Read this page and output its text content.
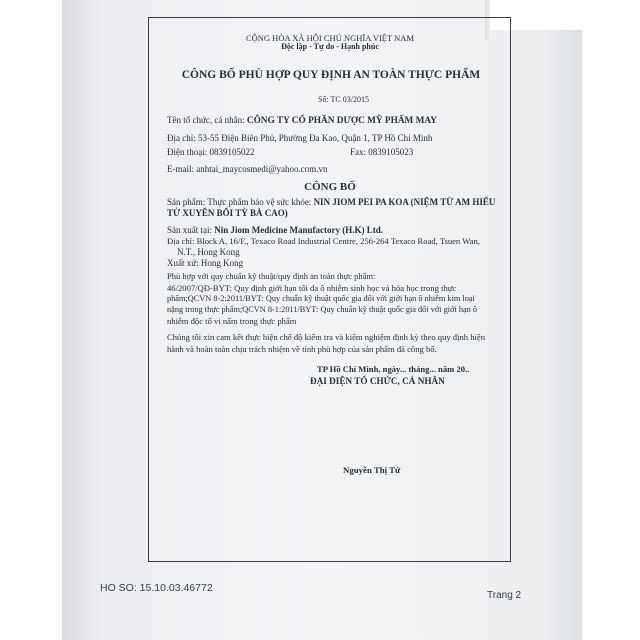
CỘNG HÒA XÃ HỘI CHỦ NGHĨA VIỆT NAM
Độc lập - Tự do - Hạnh phúc
CÔNG BỐ PHÙ HỢP QUY ĐỊNH AN TOÀN THỰC PHẨM
Số: TC 03/2015
Tên tổ chức, cá nhân: CÔNG TY CỔ PHẦN DƯỢC MỸ PHẨM MAY
Địa chỉ: 53-55 Điện Biên Phủ, Phường Đa Kao, Quận 1, TP Hồ Chí Minh
Điện thoại: 0839105022	Fax: 0839105023
E-mail: anhtai_maycosmedi@yahoo.com.vn
CÔNG BỐ
Sản phẩm: Thực phẩm bảo vệ sức khỏe: NIN JIOM PEI PA KOA (NIỆM TỪ AM HIẾU
TỬ XUYÊN BỐI TỲ BÀ CAO)
Sản xuất tại: Nin Jiom Medicine Manufactory (H.K) Ltd.
Địa chỉ: Block A, 16/F., Texaco Road Industrial Centre, 256-264 Texaco Road, Tsuen Wan,
N.T., Hong Kong
Xuất xứ: Hong Kong
Phù hợp với quy chuẩn kỹ thuật/quy định an toàn thực phẩm:
46/2007/QĐ-BYT: Quy định giới hạn tối đa ô nhiễm sinh học và hóa học trong thực
phẩm;QCVN 8-2:2011/BYT: Quy chuẩn kỹ thuật quốc gia đối với giới hạn ô nhiễm kim loại
nặng trong thực phẩm;QCVN 8-1:2011/BYT: Quy chuẩn kỹ thuật quốc gia đối với giới hạn ô
nhiễm độc tố vi nấm trong thực phẩm
Chúng tôi xin cam kết thực hiện chế độ kiểm tra và kiểm nghiệm định kỳ theo quy định hiện
hành và hoàn toàn chịu trách nhiệm về tính phù hợp của sản phẩm đã công bố.
TP Hồ Chí Minh, ngày... tháng... năm 20..
ĐẠI DIỆN TỔ CHỨC, CÁ NHÂN
Nguyễn Thị Tứ
HO SO: 15.10.03.46772
Trang 2
